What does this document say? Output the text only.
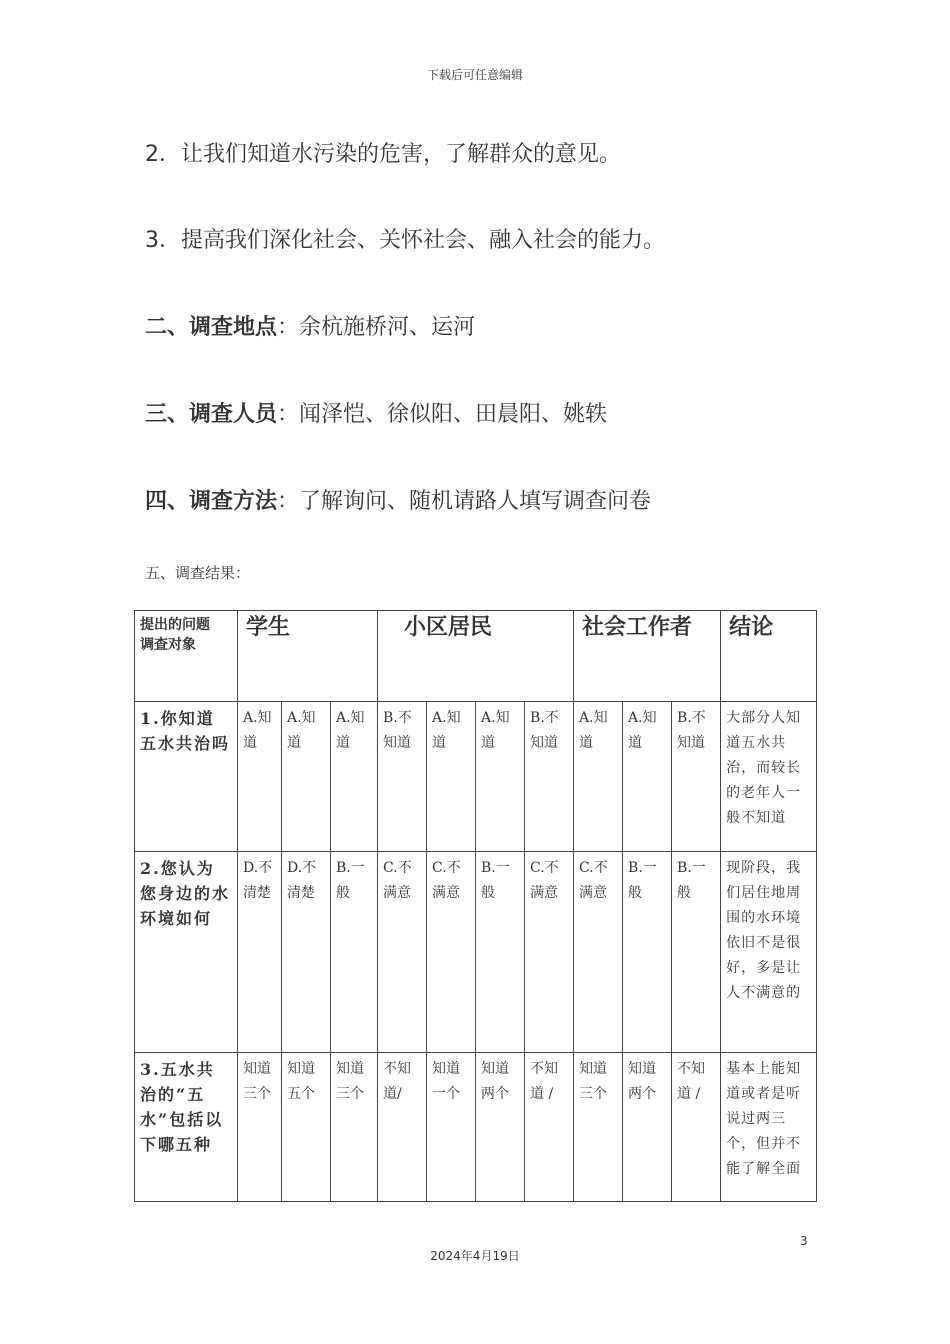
下载后可任意编辑
2．让我们知道水污染的危害，了解群众的意见。
3．提高我们深化社会、关怀社会、融入社会的能力。
二、调查地点：余杭施桥河、运河
三、调查人员：闻泽恺、徐似阳、田晨阳、姚轶
四、调查方法：了解询问、随机请路人填写调查问卷
五、调查结果：
提出的问题
调查对象	学生			小区居民				社会工作者			结论
1.你知道五水共治吗	A.知道	A.知道	A.知道	B.不知道	A.知道	A.知道	B.不知道	A.知道	A.知道	B.不知道	大部分人知道五水共治，而较长的老年人一般不知道
2.您认为您身边的水环境如何	D.不清楚	D.不清楚	B.一般	C.不满意	C.不满意	B.一般	C.不满意	C.不满意	B.一般	B.一般	现阶段，我们居住地周围的水环境依旧不是很好，多是让人不满意的
3.五水共治的“五水”包括以下哪五种	知道三个	知道五个	知道三个	不知道/	知道一个	知道两个	不知道 /	知道三个	知道两个	不知道 /	基本上能知道或者是听说过两三个，但并不能了解全面
3
2024年4月19日
